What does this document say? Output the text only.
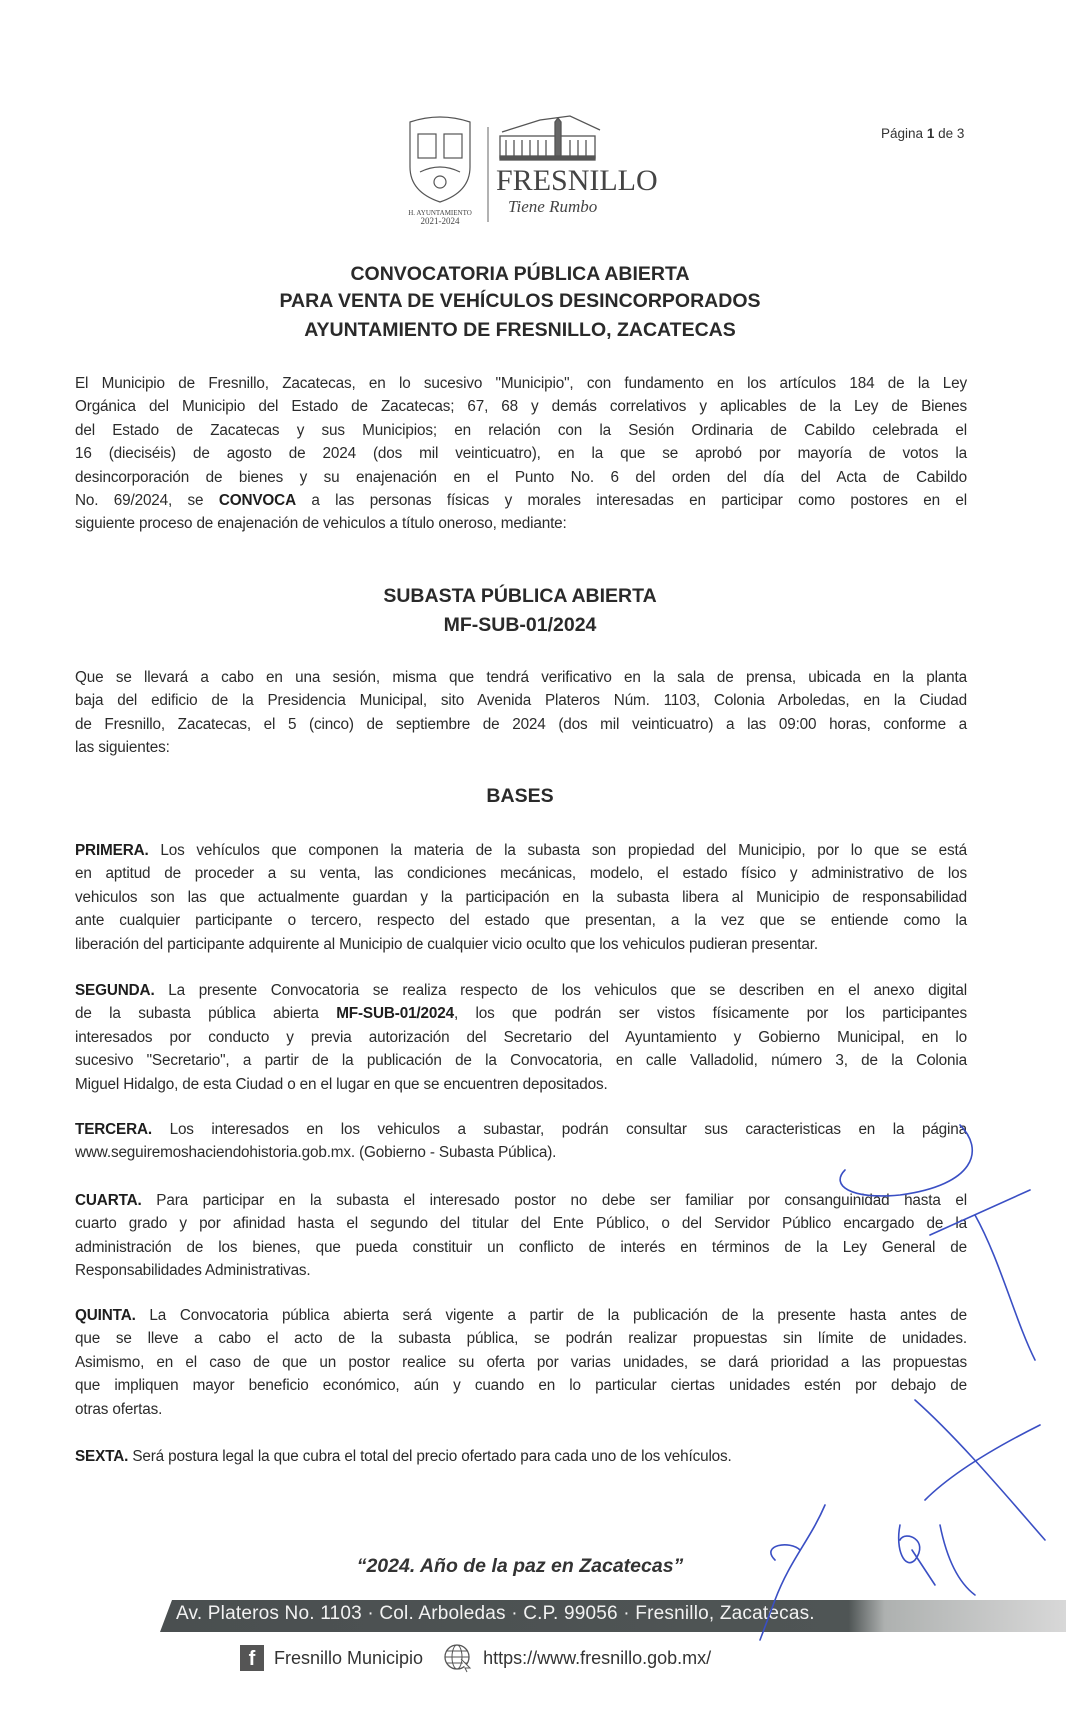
Página 1 de 3
H. AYUNTAMIENTO
2021-2024
FRESNILLO
Tiene Rumbo
CONVOCATORIA PÚBLICA ABIERTA
PARA VENTA DE VEHÍCULOS DESINCORPORADOS
AYUNTAMIENTO DE FRESNILLO, ZACATECAS
El Municipio de Fresnillo, Zacatecas, en lo sucesivo "Municipio", con fundamento en los artículos 184 de la Ley
Orgánica del Municipio del Estado de Zacatecas; 67, 68 y demás correlativos y aplicables de la Ley de Bienes
del Estado de Zacatecas y sus Municipios; en relación con la Sesión Ordinaria de Cabildo celebrada el
16 (dieciséis) de agosto de 2024 (dos mil veinticuatro), en la que se aprobó por mayoría de votos la
desincorporación de bienes y su enajenación en el Punto No. 6 del orden del día del Acta de Cabildo
No. 69/2024, se CONVOCA a las personas físicas y morales interesadas en participar como postores en el
siguiente proceso de enajenación de vehiculos a título oneroso, mediante:
SUBASTA PÚBLICA ABIERTA
MF-SUB-01/2024
Que se llevará a cabo en una sesión, misma que tendrá verificativo en la sala de prensa, ubicada en la planta
baja del edificio de la Presidencia Municipal, sito Avenida Plateros Núm. 1103, Colonia Arboledas, en la Ciudad
de Fresnillo, Zacatecas, el 5 (cinco) de septiembre de 2024 (dos mil veinticuatro) a las 09:00 horas, conforme a
las siguientes:
BASES
PRIMERA. Los vehículos que componen la materia de la subasta son propiedad del Municipio, por lo que se está
en aptitud de proceder a su venta, las condiciones mecánicas, modelo, el estado físico y administrativo de los
vehiculos son las que actualmente guardan y la participación en la subasta libera al Municipio de responsabilidad
ante cualquier participante o tercero, respecto del estado que presentan, a la vez que se entiende como la
liberación del participante adquirente al Municipio de cualquier vicio oculto que los vehiculos pudieran presentar.
SEGUNDA. La presente Convocatoria se realiza respecto de los vehiculos que se describen en el anexo digital
de la subasta pública abierta MF-SUB-01/2024, los que podrán ser vistos físicamente por los participantes
interesados por conducto y previa autorización del Secretario del Ayuntamiento y Gobierno Municipal, en lo
sucesivo "Secretario", a partir de la publicación de la Convocatoria, en calle Valladolid, número 3, de la Colonia
Miguel Hidalgo, de esta Ciudad o en el lugar en que se encuentren depositados.
TERCERA. Los interesados en los vehiculos a subastar, podrán consultar sus caracteristicas en la página
www.seguiremoshaciendohistoria.gob.mx. (Gobierno - Subasta Pública).
CUARTA. Para participar en la subasta el interesado postor no debe ser familiar por consanguinidad hasta el
cuarto grado y por afinidad hasta el segundo del titular del Ente Público, o del Servidor Público encargado de la
administración de los bienes, que pueda constituir un conflicto de interés en términos de la Ley General de
Responsabilidades Administrativas.
QUINTA. La Convocatoria pública abierta será vigente a partir de la publicación de la presente hasta antes de
que se lleve a cabo el acto de la subasta pública, se podrán realizar propuestas sin límite de unidades.
Asimismo, en el caso de que un postor realice su oferta por varias unidades, se dará prioridad a las propuestas
que impliquen mayor beneficio económico, aún y cuando en lo particular ciertas unidades estén por debajo de
otras ofertas.
SEXTA. Será postura legal la que cubra el total del precio ofertado para cada uno de los vehículos.
“2024. Año de la paz en Zacatecas”
Av. Plateros No. 1103 · Col. Arboledas · C.P. 99056 · Fresnillo, Zacatecas.
f	Fresnillo Municipio	https://www.fresnillo.gob.mx/
